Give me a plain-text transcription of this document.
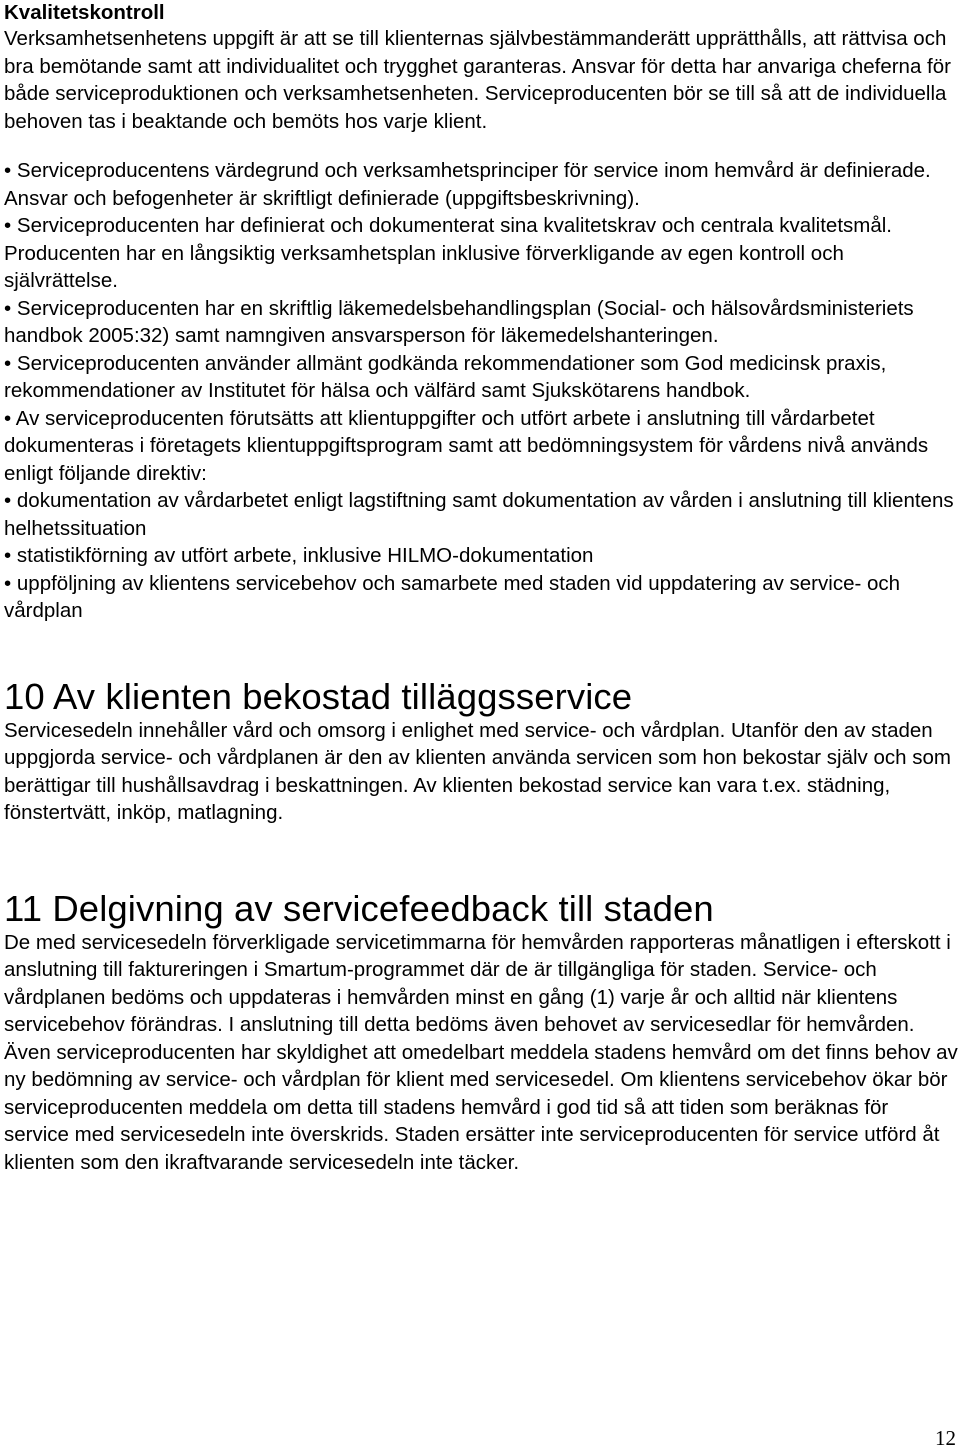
Kvalitetskontroll

Verksamhetsenhetens uppgift är att se till klienternas självbestämmanderätt upprätthålls, att rättvisa och bra bemötande samt att individualitet och trygghet garanteras. Ansvar för detta har anvariga cheferna för både serviceproduktionen och verksamhetsenheten. Serviceproducenten bör se till så att de individuella behoven tas i beaktande och bemöts hos varje klient.

• Serviceproducentens värdegrund och verksamhetsprinciper för service inom hemvård är definierade. Ansvar och befogenheter är skriftligt definierade (uppgiftsbeskrivning).
• Serviceproducenten har definierat och dokumenterat sina kvalitetskrav och centrala kvalitetsmål. Producenten har en långsiktig verksamhetsplan inklusive förverkligande av egen kontroll och självrättelse.
• Serviceproducenten har en skriftlig läkemedelsbehandlingsplan (Social- och hälsovårdsministeriets handbok 2005:32) samt namngiven ansvarsperson för läkemedelshanteringen.
• Serviceproducenten använder allmänt godkända rekommendationer som God medicinsk praxis, rekommendationer av Institutet för hälsa och välfärd samt Sjukskötarens handbok.
• Av serviceproducenten förutsätts att klientuppgifter och utfört arbete i anslutning till vårdarbetet dokumenteras i företagets klientuppgiftsprogram samt att bedömningsystem för vårdens nivå används enligt följande direktiv:
• dokumentation av vårdarbetet enligt lagstiftning samt dokumentation av vården i anslutning till klientens helhetssituation
• statistikförning av utfört arbete, inklusive HILMO-dokumentation
• uppföljning av klientens servicebehov och samarbete med staden vid uppdatering av service- och vårdplan
10 Av klienten bekostad tilläggsservice

Servicesedeln innehåller vård och omsorg i enlighet med service- och vårdplan. Utanför den av staden uppgjorda service- och vårdplanen är den av klienten använda servicen som hon bekostar själv och som berättigar till hushållsavdrag i beskattningen. Av klienten bekostad service kan vara t.ex. städning, fönstertvätt, inköp, matlagning.

11 Delgivning av servicefeedback till staden

De med servicesedeln förverkligade servicetimmarna för hemvården rapporteras månatligen i efterskott i anslutning till faktureringen i Smartum-programmet där de är tillgängliga för staden. Service- och vårdplanen bedöms och uppdateras i hemvården minst en gång (1) varje år och alltid när klientens servicebehov förändras. I anslutning till detta bedöms även behovet av servicesedlar för hemvården. Även serviceproducenten har skyldighet att omedelbart meddela stadens hemvård om det finns behov av ny bedömning av service- och vårdplan för klient med servicesedel. Om klientens servicebehov ökar bör serviceproducenten meddela om detta till stadens hemvård i god tid så att tiden som beräknas för service med servicesedeln inte överskrids. Staden ersätter inte serviceproducenten för service utförd åt klienten som den ikraftvarande servicesedeln inte täcker.

12
